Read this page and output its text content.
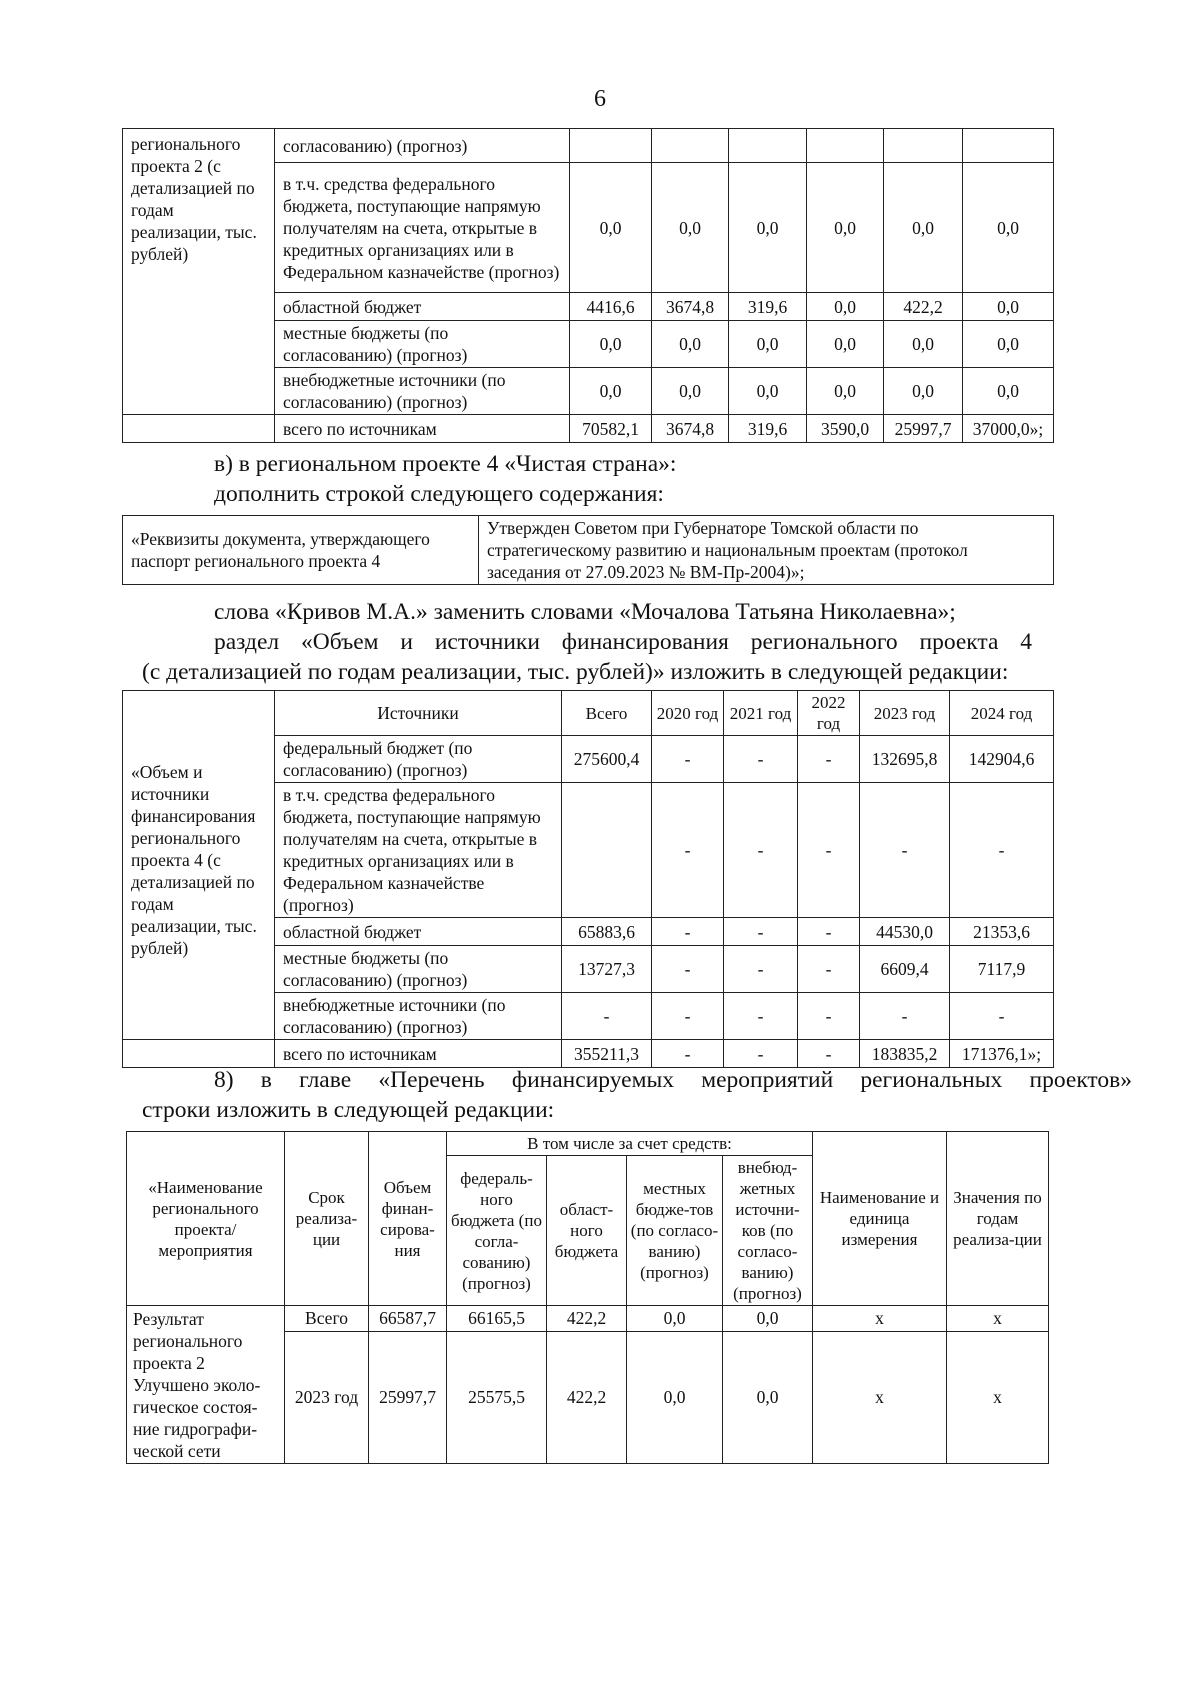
6
регионального проекта 2 (с детализацией по годам реализации, тыс. рублей)	согласованию) (прогноз)						
	в т.ч. средства федерального бюджета, поступающие напрямую получателям на счета, открытые в кредитных организациях или в Федеральном казначействе (прогноз)	0,0	0,0	0,0	0,0	0,0	0,0
	областной бюджет	4416,6	3674,8	319,6	0,0	422,2	0,0
	местные бюджеты (по согласованию) (прогноз)	0,0	0,0	0,0	0,0	0,0	0,0
	внебюджетные источники (по согласованию) (прогноз)	0,0	0,0	0,0	0,0	0,0	0,0
	всего по источникам	70582,1	3674,8	319,6	3590,0	25997,7	37000,0»;
в) в региональном проекте 4 «Чистая страна»:
дополнить строкой следующего содержания:
«Реквизиты документа, утверждающего паспорт регионального проекта 4	Утвержден Советом при Губернаторе Томской области по стратегическому развитию и национальным проектам (протокол заседания от 27.09.2023 № ВМ-Пр-2004)»;
слова «Кривов М.А.» заменить словами «Мочалова Татьяна Николаевна»;
раздел «Объем и источники финансирования регионального проекта 4
(с детализацией по годам реализации, тыс. рублей)» изложить в следующей редакции:
«Объем и источники финансирования регионального проекта 4 (с детализацией по годам реализации, тыс. рублей)	Источники	Всего	2020 год	2021 год	2022 год	2023 год	2024 год
	федеральный бюджет (по согласованию) (прогноз)	275600,4	-	-	-	132695,8	142904,6
	в т.ч. средства федерального бюджета, поступающие напрямую получателям на счета, открытые в кредитных организациях или в Федеральном казначействе (прогноз)		-	-	-	-	-
	областной бюджет	65883,6	-	-	-	44530,0	21353,6
	местные бюджеты (по согласованию) (прогноз)	13727,3	-	-	-	6609,4	7117,9
	внебюджетные источники (по согласованию) (прогноз)	-	-	-	-	-	-
	всего по источникам	355211,3	-	-	-	183835,2	171376,1»;
8) в главе «Перечень финансируемых мероприятий региональных проектов»
строки изложить в следующей редакции:
«Наименование регионального проекта/ мероприятия	Срок реализа-ции	Объем финан-сирова-ния	В том числе за счет средств:				Наименование и единица измерения	Значения по годам реализа-ции
			федераль-ного бюджета (по согла-сованию) (прогноз)	област-ного бюджета	местных бюдже-тов (по согласо-ванию) (прогноз)	внебюд-жетных источни-ков (по согласо-ванию) (прогноз)		
Результат регионального проекта 2 Улучшено эколо-гическое состоя-ние гидрографи-ческой сети	Всего	66587,7	66165,5	422,2	0,0	0,0	x	x
	2023 год	25997,7	25575,5	422,2	0,0	0,0	x	x
